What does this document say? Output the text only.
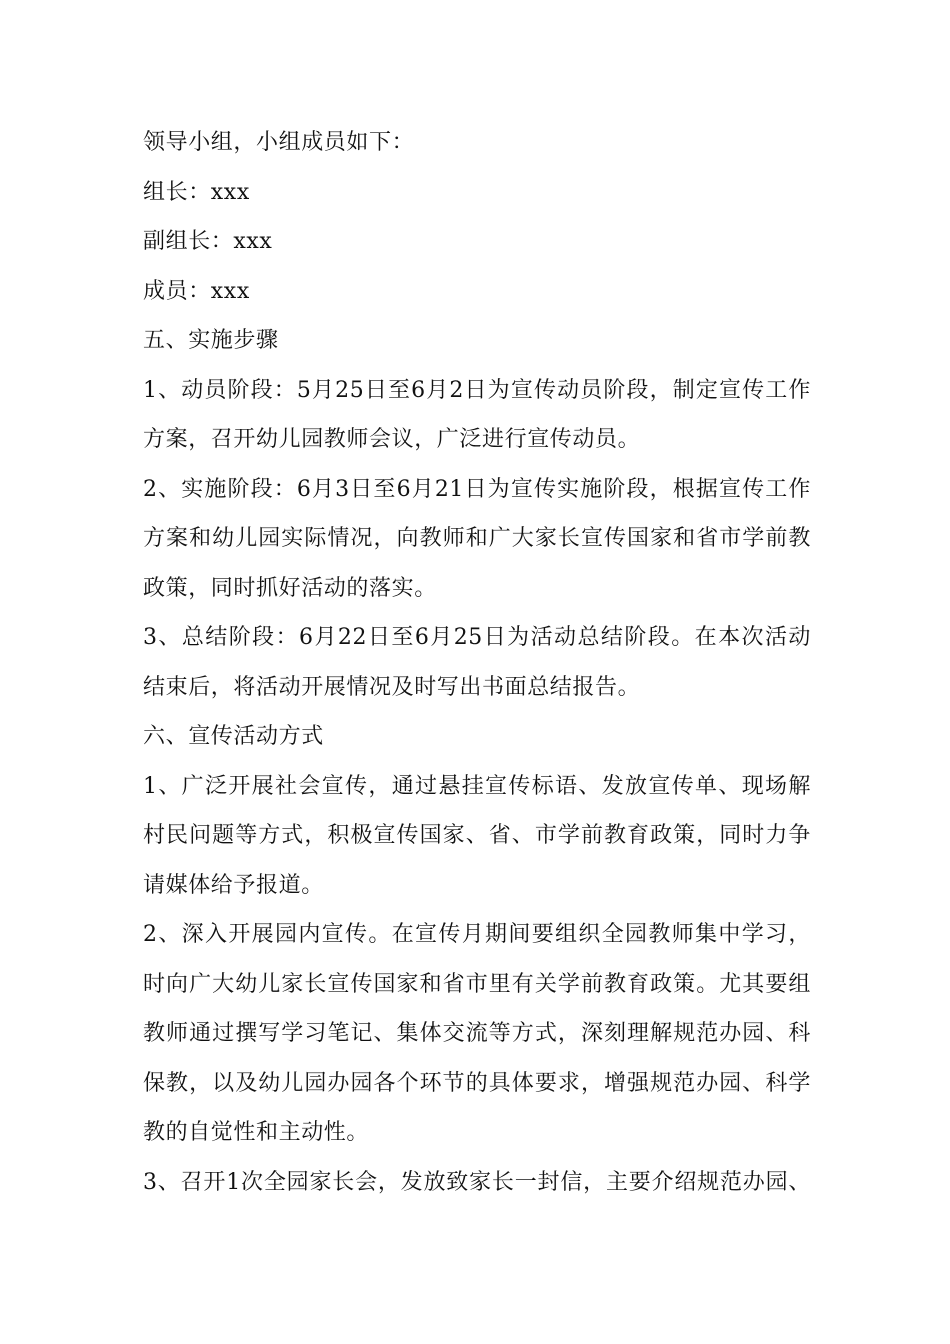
领导小组，小组成员如下：
组长：xxx
副组长：xxx
成员：xxx
五、实施步骤
1、动员阶段：5月25日至6月2日为宣传动员阶段，制定宣传工作
方案，召开幼儿园教师会议，广泛进行宣传动员。
2、实施阶段：6月3日至6月21日为宣传实施阶段，根据宣传工作
方案和幼儿园实际情况，向教师和广大家长宣传国家和省市学前教
政策，同时抓好活动的落实。
3、总结阶段：6月22日至6月25日为活动总结阶段。在本次活动
结束后，将活动开展情况及时写出书面总结报告。
六、宣传活动方式
1、广泛开展社会宣传，通过悬挂宣传标语、发放宣传单、现场解
村民问题等方式，积极宣传国家、省、市学前教育政策，同时力争
请媒体给予报道。
2、深入开展园内宣传。在宣传月期间要组织全园教师集中学习，
时向广大幼儿家长宣传国家和省市里有关学前教育政策。尤其要组
教师通过撰写学习笔记、集体交流等方式，深刻理解规范办园、科
保教，以及幼儿园办园各个环节的具体要求，增强规范办园、科学
教的自觉性和主动性。
3、召开1次全园家长会，发放致家长一封信，主要介绍规范办园、
